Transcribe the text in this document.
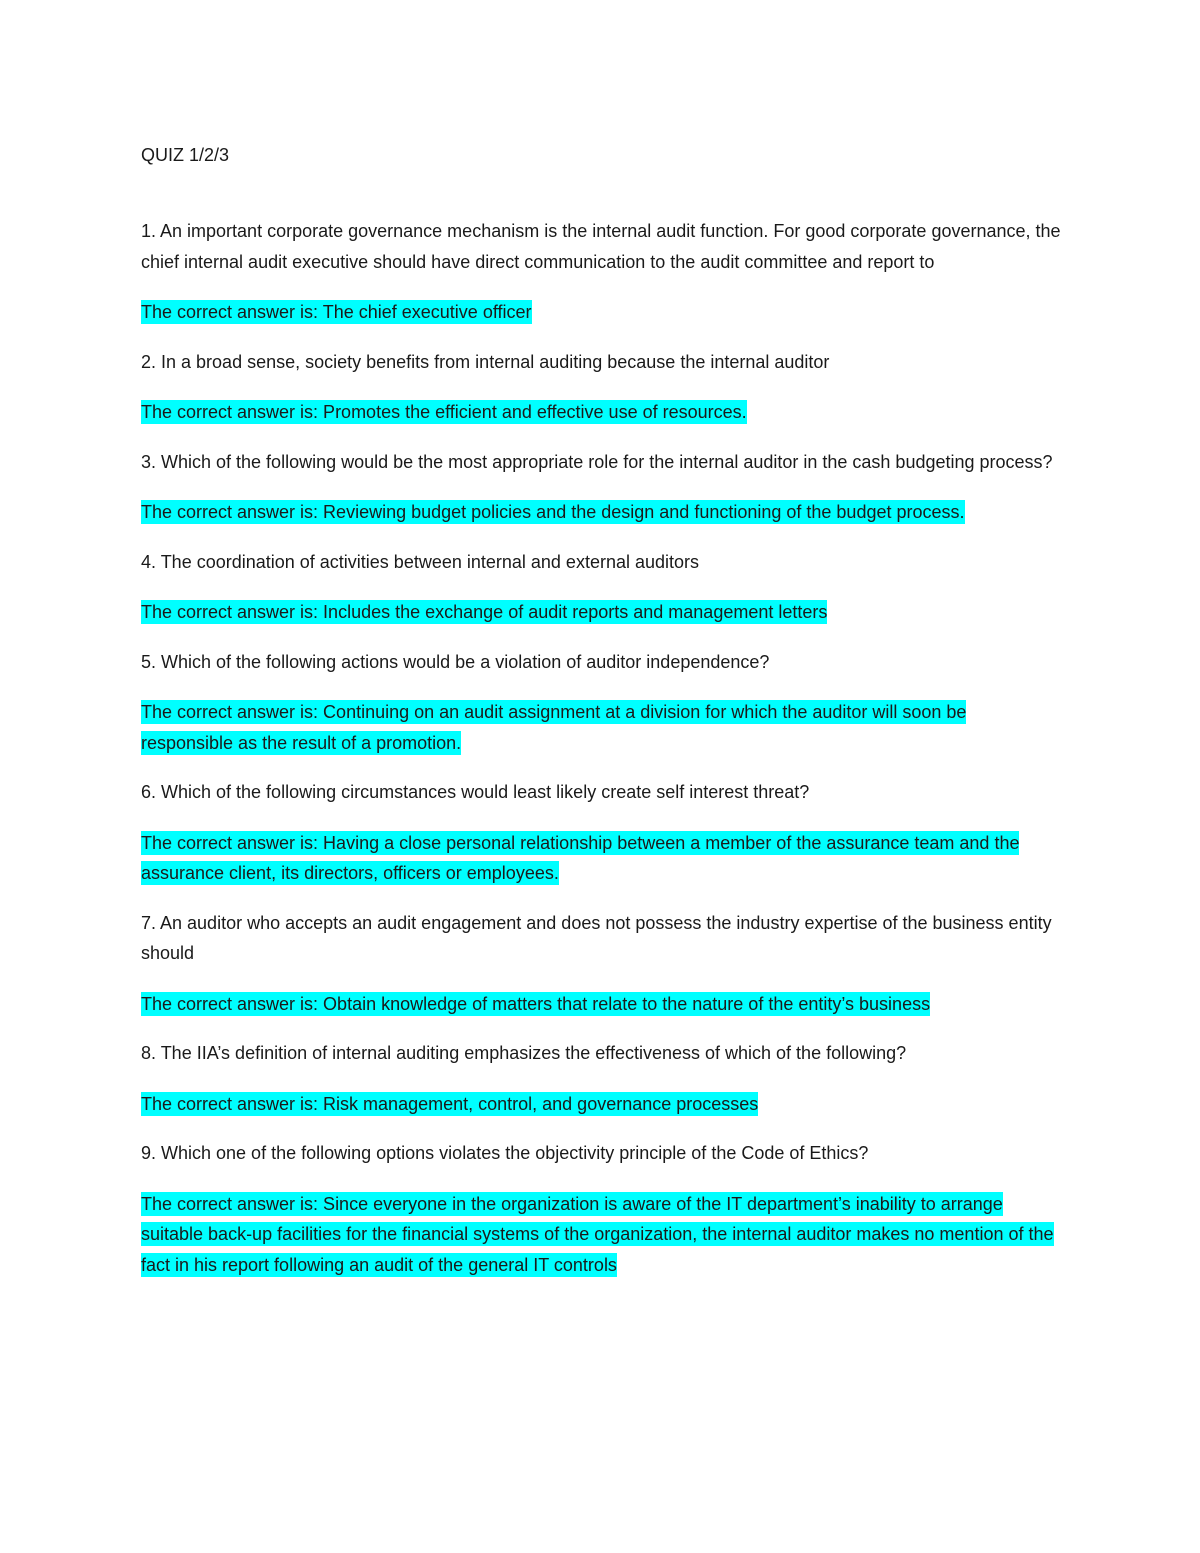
QUIZ 1/2/3

1. An important corporate governance mechanism is the internal audit function. For good corporate governance, the chief internal audit executive should have direct communication to the audit committee and report to

The correct answer is: The chief executive officer

2. In a broad sense, society benefits from internal auditing because the internal auditor

The correct answer is: Promotes the efficient and effective use of resources.

3. Which of the following would be the most appropriate role for the internal auditor in the cash budgeting process?

The correct answer is: Reviewing budget policies and the design and functioning of the budget process.

4. The coordination of activities between internal and external auditors

The correct answer is: Includes the exchange of audit reports and management letters

5. Which of the following actions would be a violation of auditor independence?

The correct answer is: Continuing on an audit assignment at a division for which the auditor will soon be responsible as the result of a promotion.

6. Which of the following circumstances would least likely create self interest threat?

The correct answer is: Having a close personal relationship between a member of the assurance team and the assurance client, its directors, officers or employees.

7. An auditor who accepts an audit engagement and does not possess the industry expertise of the business entity should

The correct answer is: Obtain knowledge of matters that relate to the nature of the entity’s business

8. The IIA’s definition of internal auditing emphasizes the effectiveness of which of the following?

The correct answer is: Risk management, control, and governance processes

9. Which one of the following options violates the objectivity principle of the Code of Ethics?

The correct answer is: Since everyone in the organization is aware of the IT department’s inability to arrange suitable back-up facilities for the financial systems of the organization, the internal auditor makes no mention of the fact in his report following an audit of the general IT controls
